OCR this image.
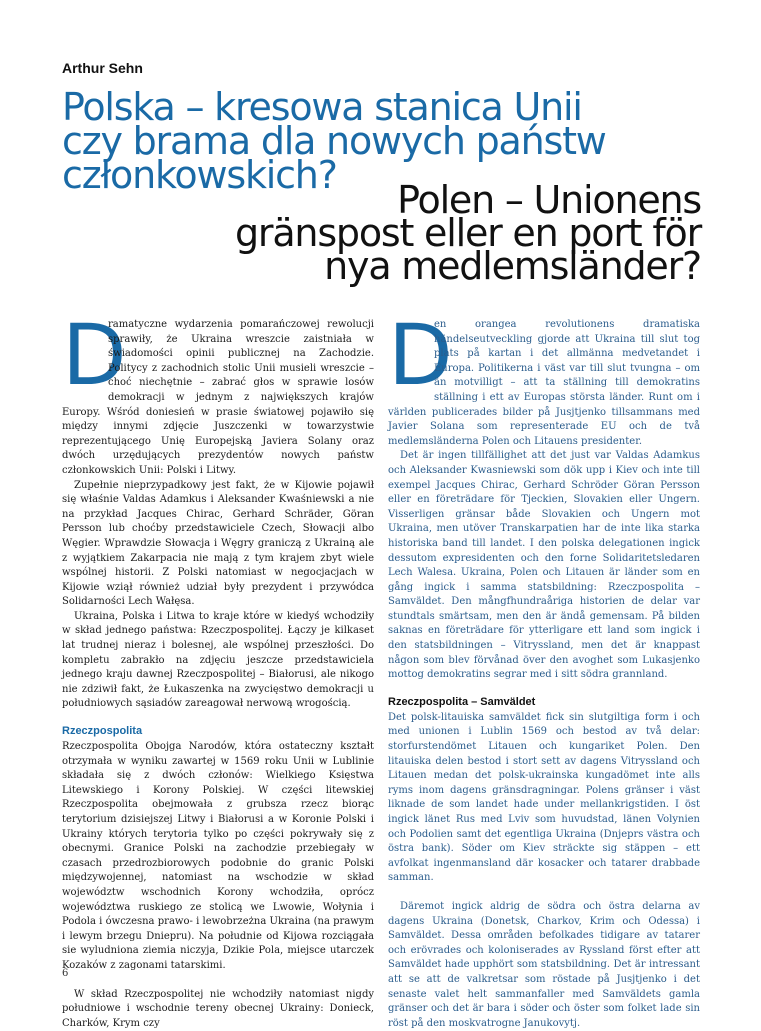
Arthur Sehn
Polska – kresowa stanica Unii
czy brama dla nowych państw
członkowskich?
Polen – Unionens
gränspost eller en port för
nya medlemsländer?

D
ramatyczne wydarzenia pomarańczowej rewolucji sprawiły, że Ukraina wreszcie zaistniała w świadomości opinii publicznej na Zachodzie. Politycy z zachodnich stolic Unii musieli wreszcie – choć niechętnie – zabrać głos w sprawie losów demokracji w jednym z największych krajów Europy. Wśród doniesień w prasie światowej pojawiło się między innymi zdjęcie Juszczenki w towarzystwie reprezentującego Unię Europejską Javiera Solany oraz dwóch urzędujących prezydentów nowych państw członkowskich Unii: Polski i Litwy.

Zupełnie nieprzypadkowy jest fakt, że w Kijowie pojawił się właśnie Valdas Adamkus i Aleksander Kwaśniewski a nie na przykład Jacques Chirac, Gerhard Schräder, Göran Persson lub choćby przedstawiciele Czech, Słowacji albo Węgier. Wprawdzie Słowacja i Węgry graniczą z Ukrainą ale z wyjątkiem Zakarpacia nie mają z tym krajem zbyt wiele wspólnej historii. Z Polski natomiast w negocjacjach w Kijowie wziął również udział były prezydent i przywódca Solidarności Lech Wałęsa.

Ukraina, Polska i Litwa to kraje które w kiedyś wchodziły w skład jednego państwa: Rzeczpospolitej. Łączy je kilkaset lat trudnej nieraz i bolesnej, ale wspólnej przeszłości. Do kompletu zabrakło na zdjęciu jeszcze przedstawiciela jednego kraju dawnej Rzeczpospolitej – Białorusi, ale nikogo nie zdziwił fakt, że Łukaszenka na zwycięstwo demokracji u południowych sąsiadów zareagował nerwową wrogością.

Rzeczpospolita

Rzeczpospolita Obojga Narodów, która ostateczny kształt otrzymała w wyniku zawartej w 1569 roku Unii w Lublinie składała się z dwóch członów: Wielkiego Księstwa Litewskiego i Korony Polskiej. W części litewskiej Rzeczpospolita obejmowała z grubsza rzecz biorąc terytorium dzisiejszej Litwy i Białorusi a w Koronie Polski i Ukrainy których terytoria tylko po części pokrywały się z obecnymi. Granice Polski na zachodzie przebiegały w czasach przedrozbiorowych podobnie do granic Polski międzywojennej, natomiast na wschodzie w skład województw wschodnich Korony wchodziła, oprócz województwa ruskiego ze stolicą we Lwowie, Wołynia i Podola i ówczesna prawo- i lewobrzeżna Ukraina (na prawym i lewym brzegu Dniepru). Na południe od Kijowa rozciągała sie wyludniona ziemia niczyja, Dzikie Pola, miejsce utarczek Kozaków z zagonami tatarskimi.

W skład Rzeczpospolitej nie wchodziły natomiast nigdy południowe i wschodnie tereny obecnej Ukrainy: Donieck, Charków, Krym czy

D
en orangea revolutionens dramatiska händelseutveckling gjorde att Ukraina till slut tog plats på kartan i det allmänna medvetandet i Europa. Politikerna i väst var till slut tvungna – om än motvilligt – att ta ställning till demokratins ställning i ett av Europas största länder. Runt om i världen publicerades bilder på Jusjtjenko tillsammans med Javier Solana som representerade EU och de två medlemsländerna Polen och Litauens presidenter.

Det är ingen tillfällighet att det just var Valdas Adamkus och Aleksander Kwasniewski som dök upp i Kiev och inte till exempel Jacques Chirac, Gerhard Schröder Göran Persson eller en företrädare för Tjeckien, Slovakien eller Ungern. Visserligen gränsar både Slovakien och Ungern mot Ukraina, men utöver Transkarpatien har de inte lika starka historiska band till landet. I den polska delegationen ingick dessutom expresidenten och den forne Solidaritetsledaren Lech Walesa. Ukraina, Polen och Litauen är länder som en gång ingick i samma statsbildning: Rzeczpospolita – Samväldet. Den mångfhundraåriga historien de delar var stundtals smärtsam, men den är ändå gemensam. På bilden saknas en företrädare för ytterligare ett land som ingick i den statsbildningen – Vitryssland, men det är knappast någon som blev förvånad över den avoghet som Lukasjenko mottog demokratins segrar med i sitt södra grannland.

Rzeczpospolita – Samväldet

Det polsk-litauiska samväldet fick sin slutgiltiga form i och med unionen i Lublin 1569 och bestod av två delar: storfurstendömet Litauen och kungariket Polen. Den litauiska delen bestod i stort sett av dagens Vitryssland och Litauen medan det polsk-ukrainska kungadömet inte alls ryms inom dagens gränsdragningar. Polens gränser i väst liknade de som landet hade under mellankrigstiden. I öst ingick länet Rus med Lviv som huvudstad, länen Volynien och Podolien samt det egentliga Ukraina (Dnjeprs västra och östra bank). Söder om Kiev sträckte sig stäppen – ett avfolkat ingenmansland där kosacker och tatarer drabbade samman.

Däremot ingick aldrig de södra och östra delarna av dagens Ukraina (Donetsk, Charkov, Krim och Odessa) i Samväldet. Dessa områden befolkades tidigare av tatarer och erövrades och koloniserades av Ryssland först efter att Samväldet hade upphört som statsbildning. Det är intressant att se att de valkretsar som röstade på Jusjtjenko i det senaste valet helt sammanfaller med Samväldets gamla gränser och det är bara i söder och öster som folket lade sin röst på den moskvatrogne Janukovytj.

6
